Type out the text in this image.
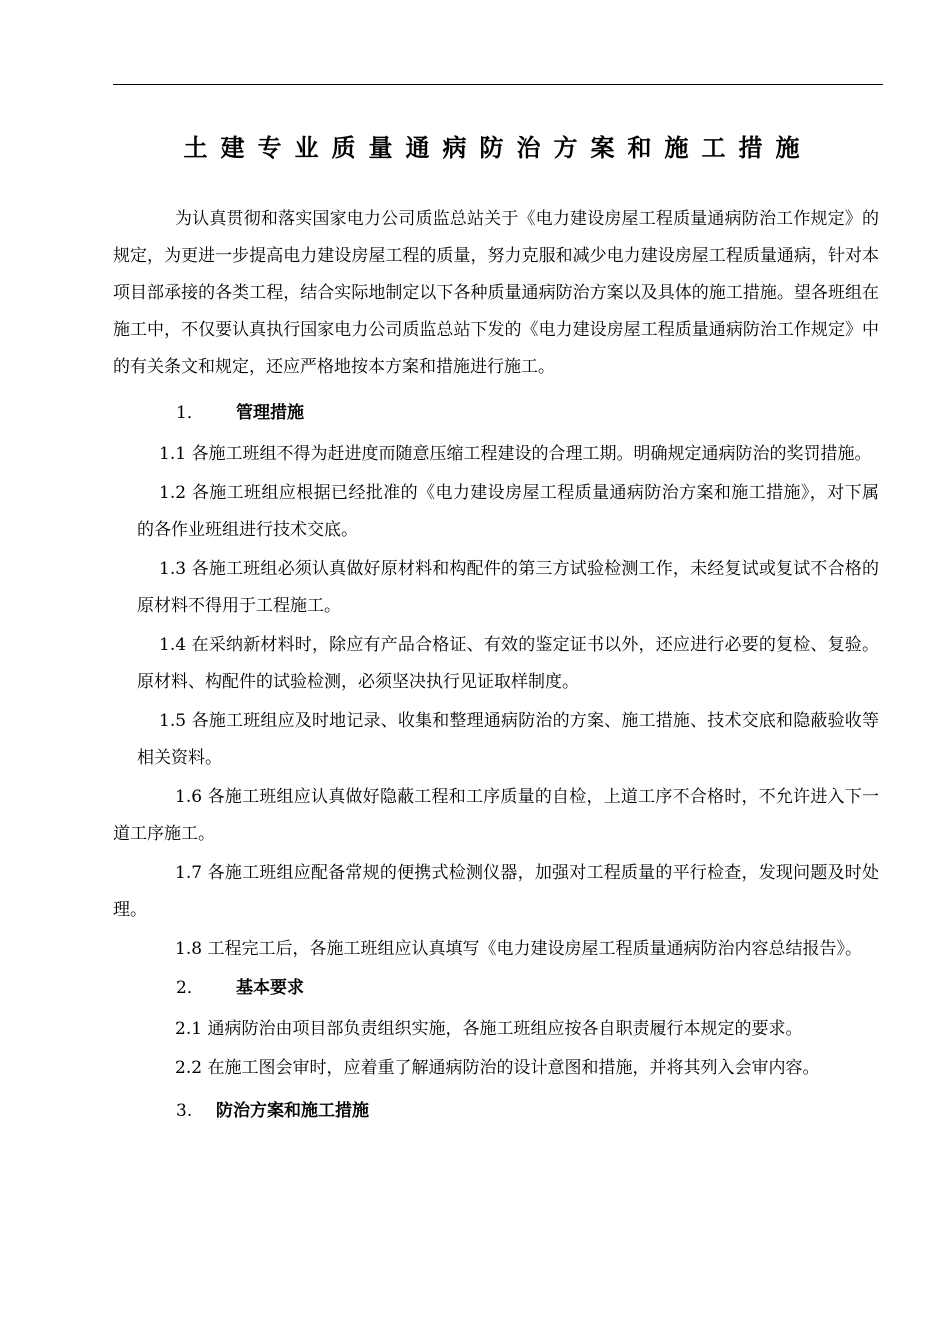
土建专业质量通病防治方案和施工措施

为认真贯彻和落实国家电力公司质监总站关于《电力建设房屋工程质量通病防治工作规定》的规定，为更进一步提高电力建设房屋工程的质量，努力克服和减少电力建设房屋工程质量通病，针对本项目部承接的各类工程，结合实际地制定以下各种质量通病防治方案以及具体的施工措施。望各班组在施工中，不仅要认真执行国家电力公司质监总站下发的《电力建设房屋工程质量通病防治工作规定》中的有关条文和规定，还应严格地按本方案和措施进行施工。

1． 管理措施

1.1 各施工班组不得为赶进度而随意压缩工程建设的合理工期。明确规定通病防治的奖罚措施。

1.2 各施工班组应根据已经批准的《电力建设房屋工程质量通病防治方案和施工措施》，对下属的各作业班组进行技术交底。

1.3 各施工班组必须认真做好原材料和构配件的第三方试验检测工作，未经复试或复试不合格的原材料不得用于工程施工。

1.4 在采纳新材料时，除应有产品合格证、有效的鉴定证书以外，还应进行必要的复检、复验。原材料、构配件的试验检测，必须坚决执行见证取样制度。

1.5 各施工班组应及时地记录、收集和整理通病防治的方案、施工措施、技术交底和隐蔽验收等相关资料。

1.6 各施工班组应认真做好隐蔽工程和工序质量的自检，上道工序不合格时，不允许进入下一道工序施工。

1.7 各施工班组应配备常规的便携式检测仪器，加强对工程质量的平行检查，发现问题及时处理。

1.8 工程完工后，各施工班组应认真填写《电力建设房屋工程质量通病防治内容总结报告》。

2． 基本要求

2.1 通病防治由项目部负责组织实施，各施工班组应按各自职责履行本规定的要求。

2.2 在施工图会审时，应着重了解通病防治的设计意图和措施，并将其列入会审内容。

3. 防治方案和施工措施
